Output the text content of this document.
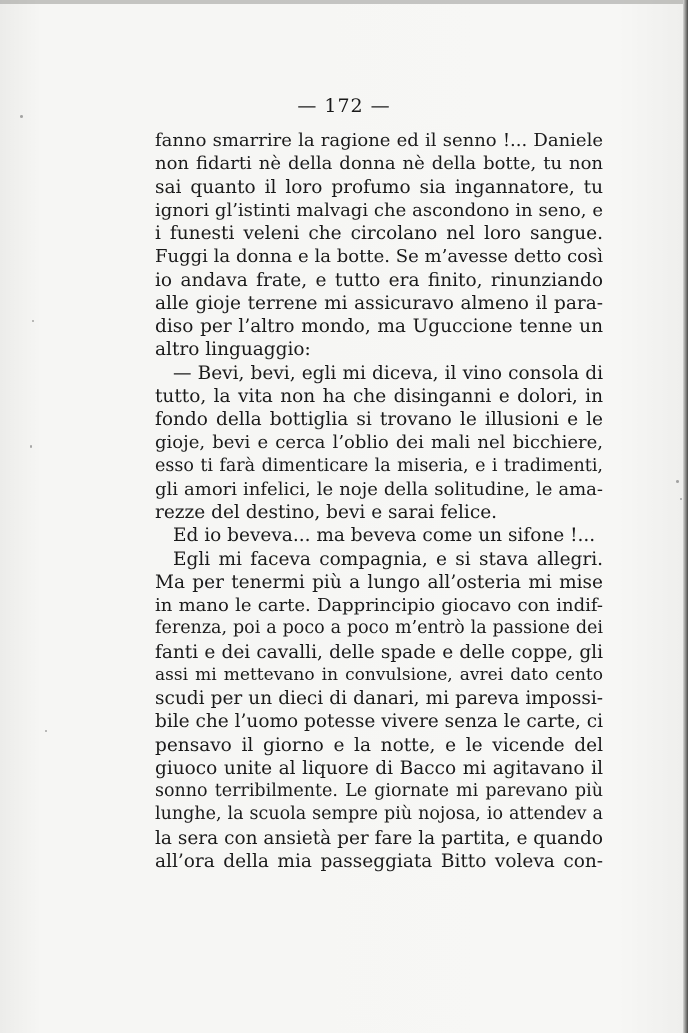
— 172 —
fanno smarrire la ragione ed il senno !... Daniele
non fidarti nè della donna nè della botte, tu non
sai quanto il loro profumo sia ingannatore, tu
ignori gl’istinti malvagi che ascondono in seno, e
i funesti veleni che circolano nel loro sangue.
Fuggi la donna e la botte. Se m’avesse detto così
io andava frate, e tutto era finito, rinunziando
alle gioje terrene mi assicuravo almeno il para-
diso per l’altro mondo, ma Uguccione tenne un
altro linguaggio:
— Bevi, bevi, egli mi diceva, il vino consola di
tutto, la vita non ha che disinganni e dolori, in
fondo della bottiglia si trovano le illusioni e le
gioje, bevi e cerca l’oblio dei mali nel bicchiere,
esso ti farà dimenticare la miseria, e i tradimenti,
gli amori infelici, le noje della solitudine, le ama-
rezze del destino, bevi e sarai felice.
Ed io beveva... ma beveva come un sifone !...
Egli mi faceva compagnia, e si stava allegri.
Ma per tenermi più a lungo all’osteria mi mise
in mano le carte. Dapprincipio giocavo con indif-
ferenza, poi a poco a poco m’entrò la passione dei
fanti e dei cavalli, delle spade e delle coppe, gli
assi mi mettevano in convulsione, avrei dato cento
scudi per un dieci di danari, mi pareva impossi-
bile che l’uomo potesse vivere senza le carte, ci
pensavo il giorno e la notte, e le vicende del
giuoco unite al liquore di Bacco mi agitavano il
sonno terribilmente. Le giornate mi parevano più
lunghe, la scuola sempre più nojosa, io attendev a
la sera con ansietà per fare la partita, e quando
all’ora della mia passeggiata Bitto voleva con-
